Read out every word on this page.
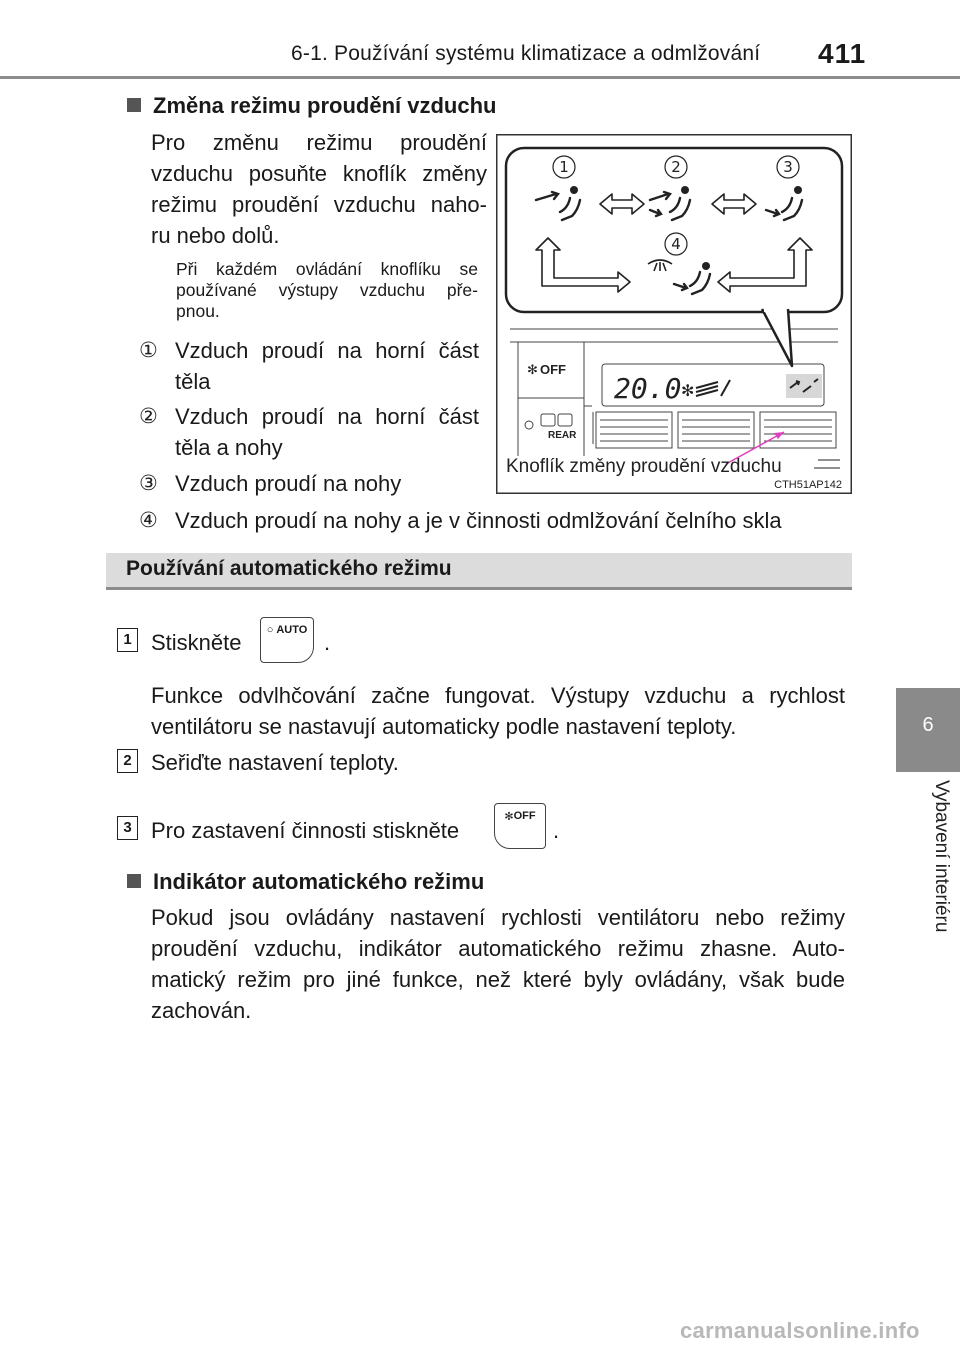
6-1. Používání systému klimatizace a odmlžování 411
6
Vybavení interiéru
Změna režimu proudění vzduchu
Pro změnu režimu proudění
vzduchu posuňte knoflík změny
režimu proudění vzduchu naho-
ru nebo dolů.
Při každém ovládání knoflíku se
používané výstupy vzduchu pře-
pnou.
① Vzduch proudí na horní část
těla
② Vzduch proudí na horní část
těla a nohy
③ Vzduch proudí na nohy
④ Vzduch proudí na nohy a je v činnosti odmlžování čelního skla
OFF
✻
REAR
20.0 ✻
1	2	3
4
Knoflík změny proudění vzduchu
CTH51AP142
Používání automatického režimu
1 Stiskněte ○ AUTO .
Funkce odvlhčování začne fungovat. Výstupy vzduchu a rychlost
ventilátoru se nastavují automaticky podle nastavení teploty.
2 Seřiďte nastavení teploty.
3 Pro zastavení činnosti stiskněte
✻ OFF
.
Indikátor automatického režimu
Pokud jsou ovládány nastavení rychlosti ventilátoru nebo režimy
proudění vzduchu, indikátor automatického režimu zhasne. Auto-
matický režim pro jiné funkce, než které byly ovládány, však bude
zachován.
carmanualsonline.info
